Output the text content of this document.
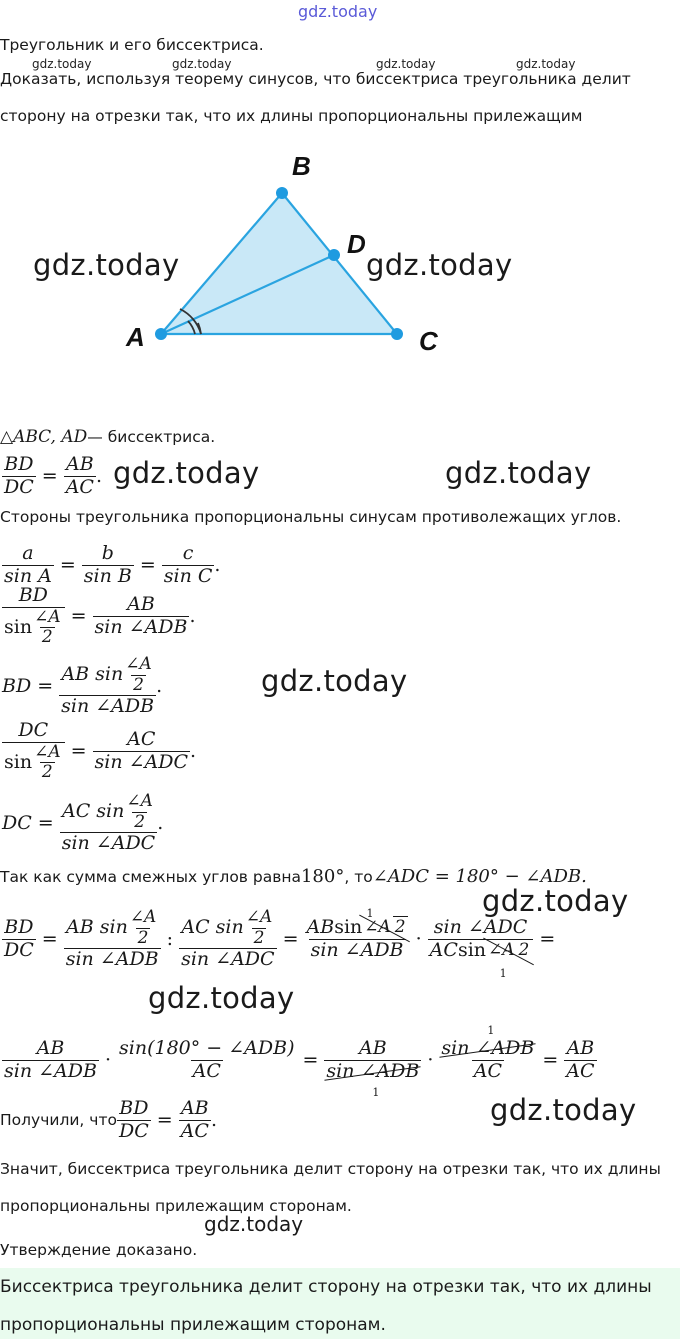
gdz.today
Треугольник и его биссектриса.
gdz.today	gdz.today	gdz.today	gdz.today
Доказать, используя теорему синусов, что биссектриса треугольника делит
сторону на отрезки так, что их длины пропорциональны прилежащим
A
B
D
C
gdz.today	gdz.today
△ABC, AD — биссектриса.
$\frac{BD}{DC} = \frac{AB}{AC}$ . gdz.today	gdz.today
Стороны треугольника пропорциональны синусам противолежащих углов.
$\frac{a}{\text{sin A}} = \frac{b}{\text{sin B}} = \frac{c}{\text{sin C}}$ .
$\frac{BD}{\sin \frac{\angle A}{2}} = \frac{AB}{\text{sin ∠ADB}}$ .
BD = $\frac{AB \sin \frac{\angle A}{2}}{\text{sin ∠ADB}}$ .	gdz.today
$\frac{DC}{\sin \frac{\angle A}{2}} = \frac{AC}{\text{sin ∠ADC}}$ .
DC = $\frac{AC \sin \frac{\angle A}{2}}{\text{sin ∠ADC}}$ .
Так как сумма смежных углов равна 180° , то ∠ADC = 180° − ∠ADB.
gdz.today
$\frac{BD}{DC} = \frac{AB \sin \frac{\angle A}{2}}{\text{sin ∠ADB}}$ : $\frac{AC \sin \frac{\angle A}{2}}{\text{sin ∠ADC}}$ =
AB sin ∠A 2
sin ∠ADB
1
·
sin ∠ADC
AC sin ∠A 2
1
=
gdz.today
$\frac{AB}{\text{sin ∠ADB}} \cdot \frac{\text{sin(180° − ∠ADB)}}{AC}$ =
AB
sin ∠ADB
1
·
sin ∠ADB
AC
1
= $\frac{AB}{AC}$
Получили, что $\frac{BD}{DC} = \frac{AB}{AC}$ .	gdz.today
Значит, биссектриса треугольника делит сторону на отрезки так, что их длины
пропорциональны прилежащим сторонам.
gdz.today
Утверждение доказано.
Биссектриса треугольника делит сторону на отрезки так, что их длины
пропорциональны прилежащим сторонам.
